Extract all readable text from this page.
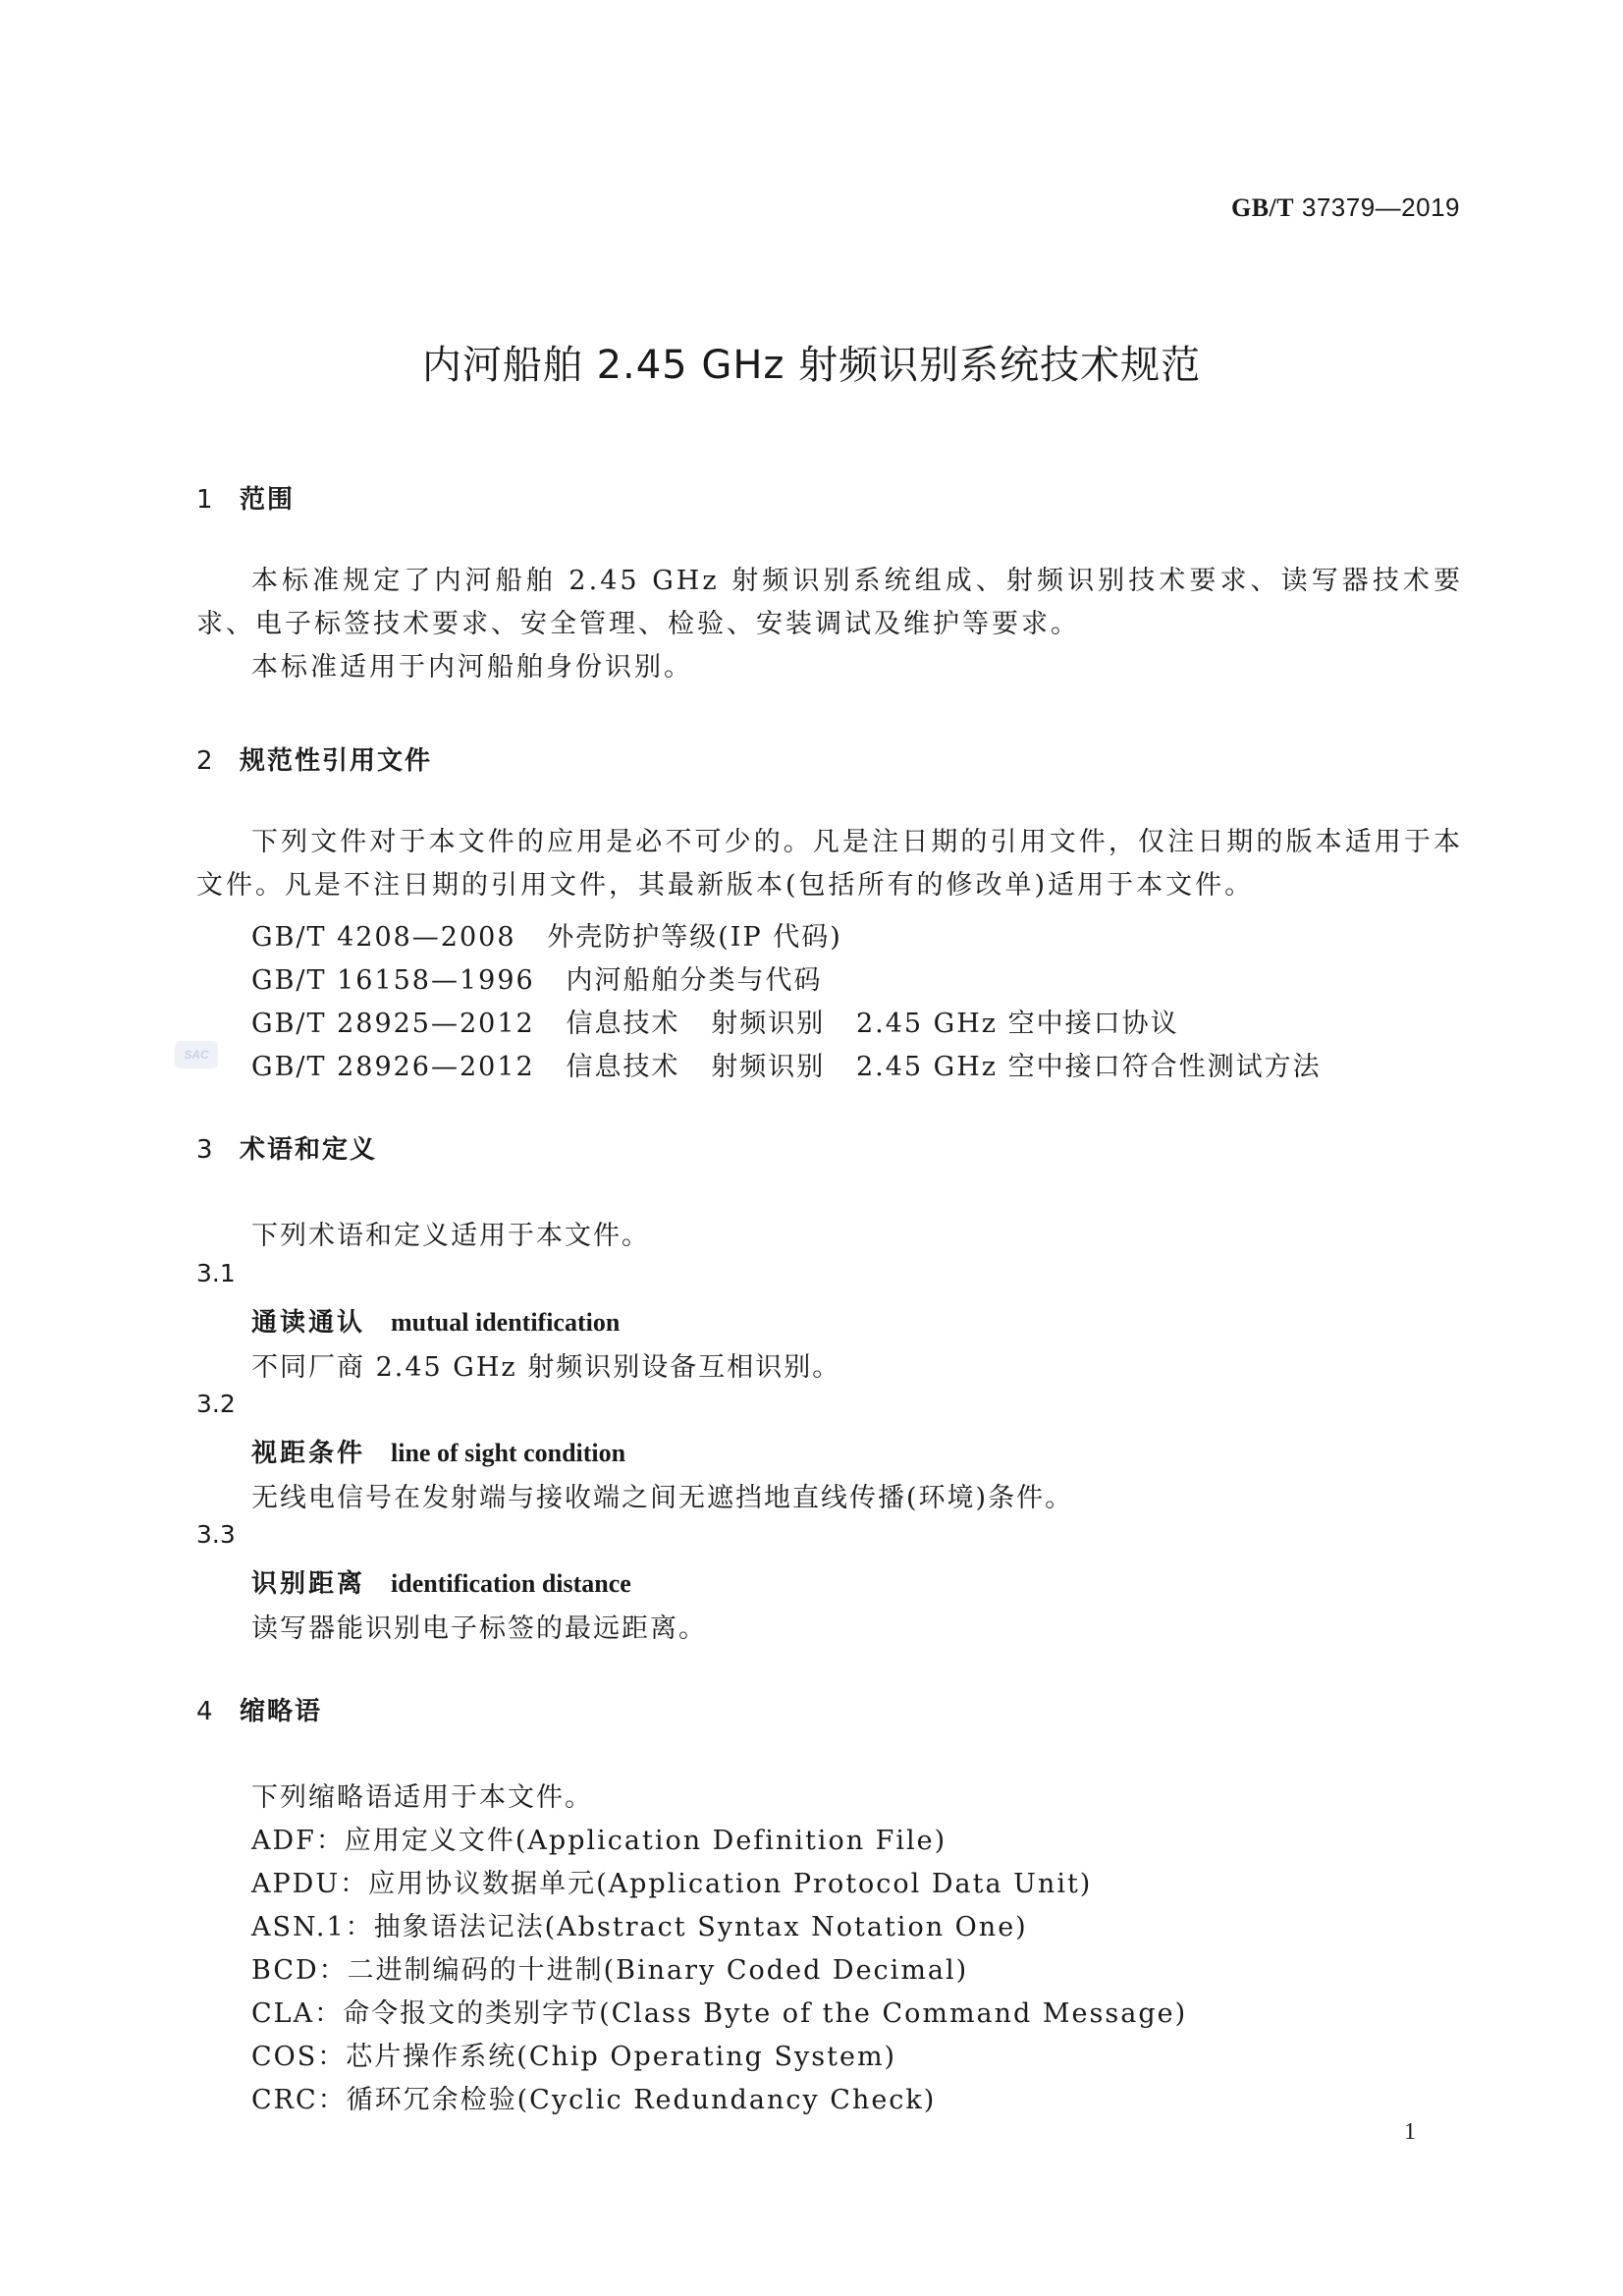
GB/T 37379—2019
内河船舶 2.45 GHz 射频识别系统技术规范
1 范围
本标准规定了内河船舶 2.45 GHz 射频识别系统组成、射频识别技术要求、读写器技术要求、电子标签技术要求、安全管理、检验、安装调试及维护等要求。
本标准适用于内河船舶身份识别。
2 规范性引用文件
下列文件对于本文件的应用是必不可少的。凡是注日期的引用文件，仅注日期的版本适用于本文件。凡是不注日期的引用文件，其最新版本(包括所有的修改单)适用于本文件。
GB/T 4208—2008   外壳防护等级(IP 代码)
GB/T 16158—1996   内河船舶分类与代码
GB/T 28925—2012   信息技术   射频识别   2.45 GHz 空中接口协议
GB/T 28926—2012   信息技术   射频识别   2.45 GHz 空中接口符合性测试方法
SAC
3 术语和定义
下列术语和定义适用于本文件。
3.1
通读通认 mutual identification
不同厂商 2.45 GHz 射频识别设备互相识别。
3.2
视距条件 line of sight condition
无线电信号在发射端与接收端之间无遮挡地直线传播(环境)条件。
3.3
识别距离 identification distance
读写器能识别电子标签的最远距离。
4 缩略语
下列缩略语适用于本文件。
ADF：应用定义文件(Application Definition File)
APDU：应用协议数据单元(Application Protocol Data Unit)
ASN.1：抽象语法记法(Abstract Syntax Notation One)
BCD：二进制编码的十进制(Binary Coded Decimal)
CLA：命令报文的类别字节(Class Byte of the Command Message)
COS：芯片操作系统(Chip Operating System)
CRC：循环冗余检验(Cyclic Redundancy Check)
1
